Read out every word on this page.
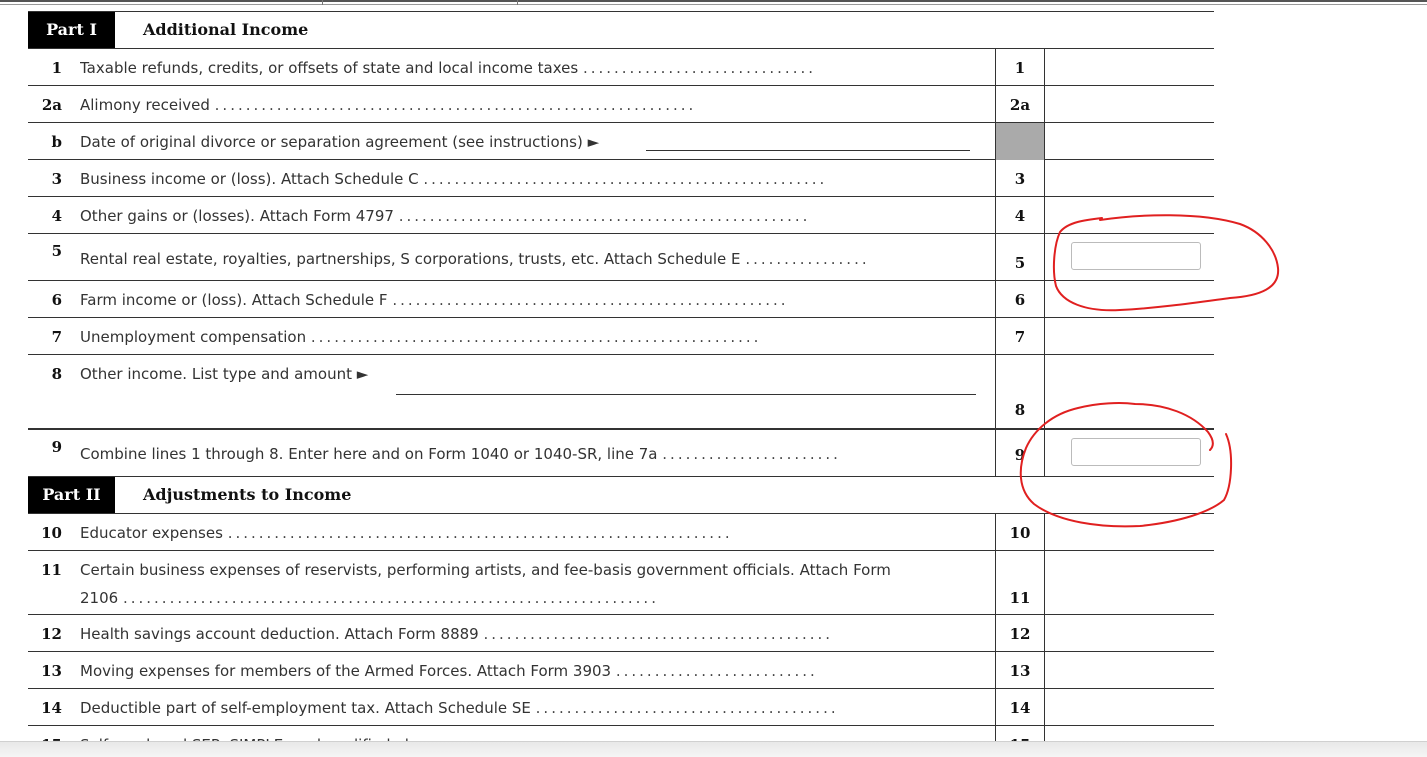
Part I	Additional Income
1 Taxable refunds, credits, or offsets of state and local income taxes ..............................	1
2a Alimony received ..............................................................	2a
b Date of original divorce or separation agreement (see instructions) ►
3 Business income or (loss). Attach Schedule C ....................................................	3
4 Other gains or (losses). Attach Form 4797 .....................................................	4
5 Rental real estate, royalties, partnerships, S corporations, trusts, etc. Attach Schedule E ................	5
6 Farm income or (loss). Attach Schedule F ...................................................	6
7 Unemployment compensation ..........................................................	7
8 Other income. List type and amount ►
8
9 Combine lines 1 through 8. Enter here and on Form 1040 or 1040-SR, line 7a .......................	9
Part II	Adjustments to Income
10 Educator expenses .................................................................	10
11 Certain business expenses of reservists, performing artists, and fee-basis government officials. Attach Form
2106 .....................................................................	11
12 Health savings account deduction. Attach Form 8889 .............................................	12
13 Moving expenses for members of the Armed Forces. Attach Form 3903 ..........................	13
14 Deductible part of self-employment tax. Attach Schedule SE .......................................	14
